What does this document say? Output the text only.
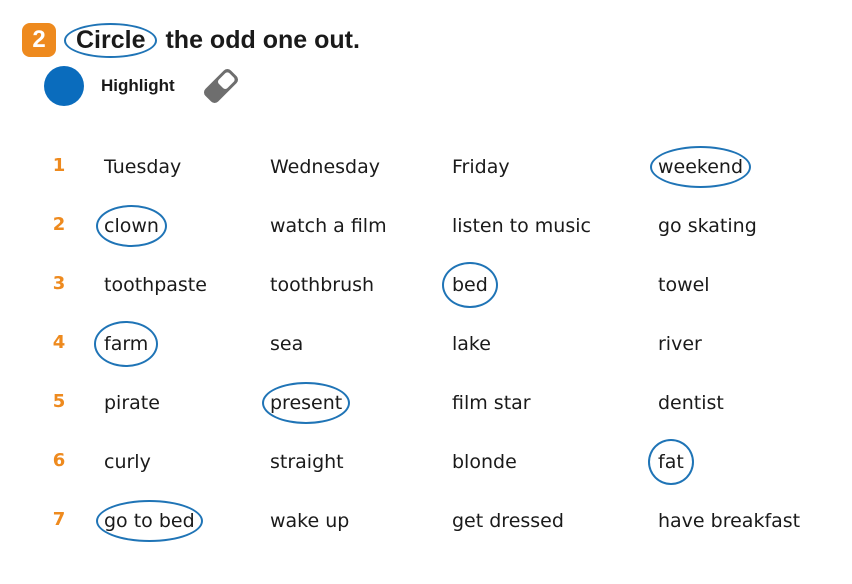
2	Circle the odd one out.
Highlight
1 Tuesday	Wednesday	Friday	weekend
2 clown	watch a film	listen to music	go skating
3 toothpaste	toothbrush	bed	towel
4 farm	sea	lake	river
5 pirate	present	film star	dentist
6 curly	straight	blonde	fat
7 go to bed	wake up	get dressed	have breakfast
